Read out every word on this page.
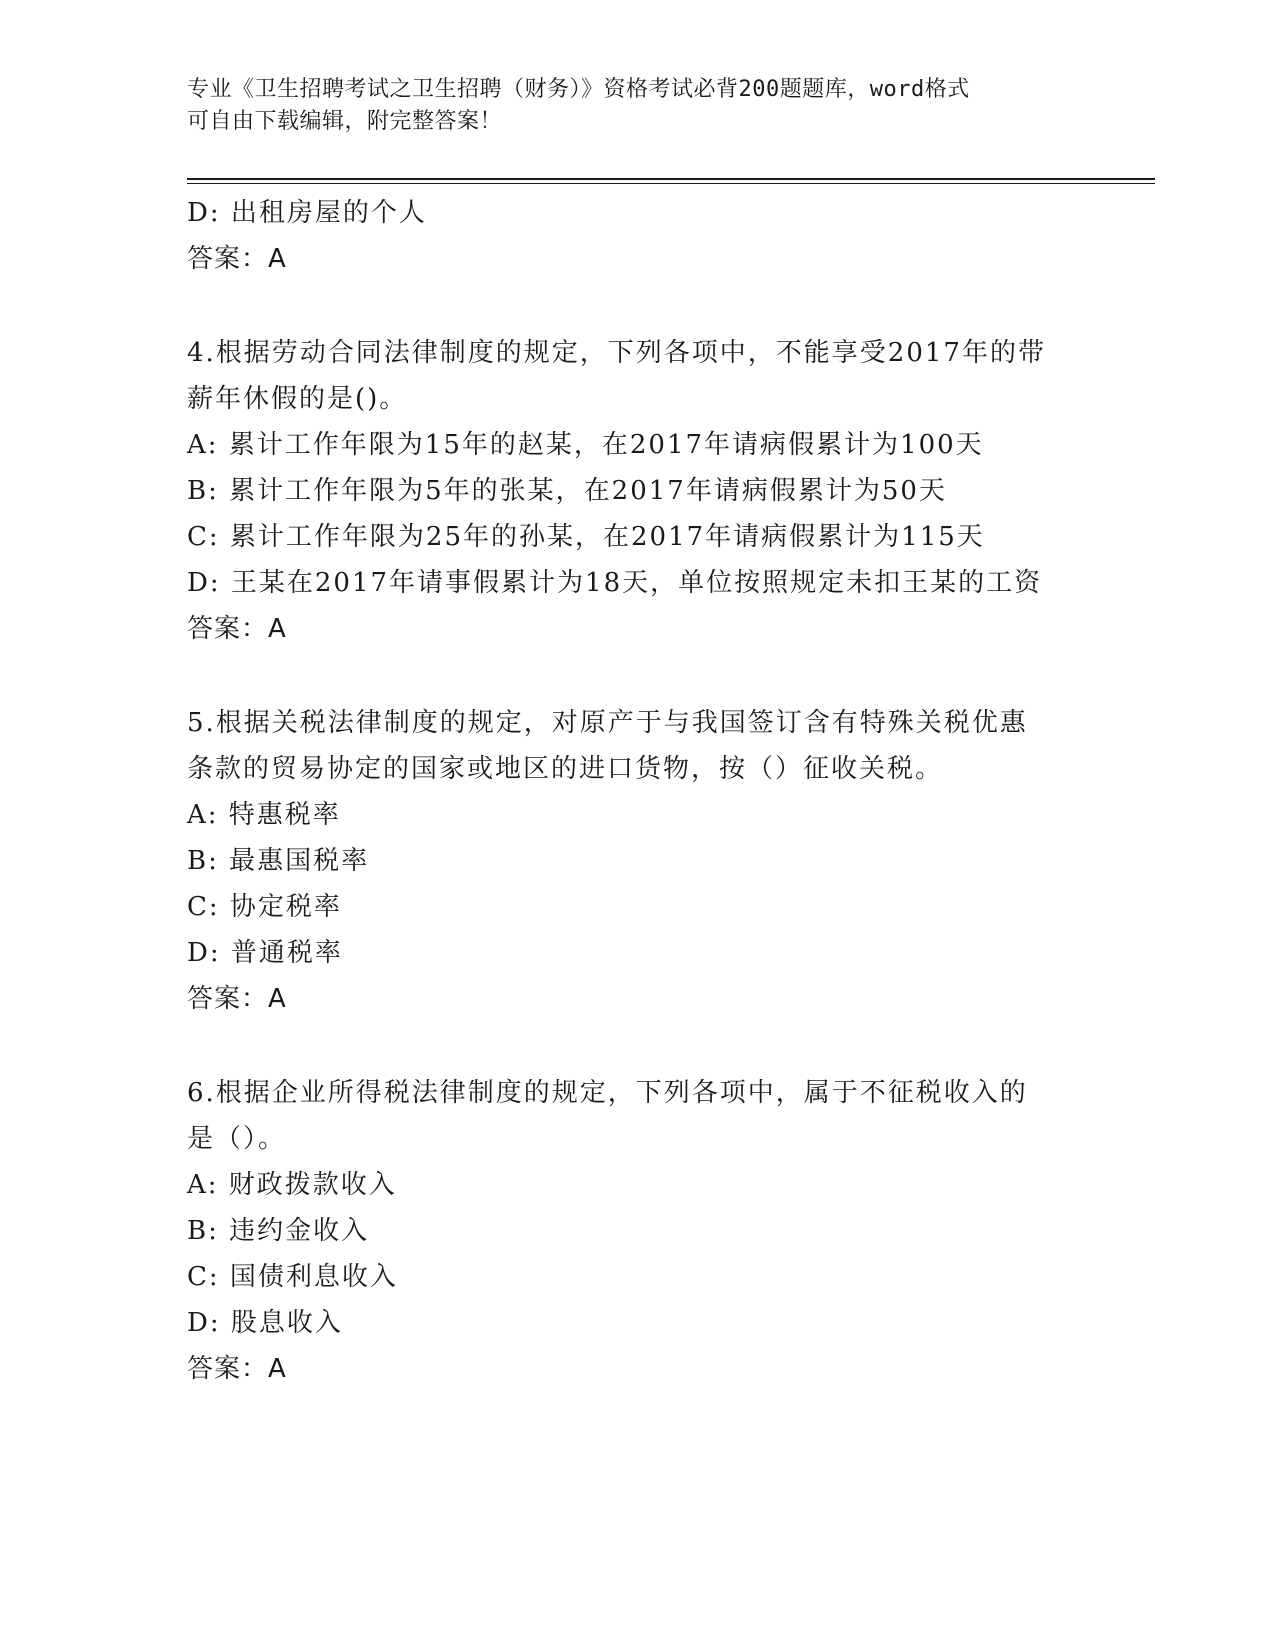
专业《卫生招聘考试之卫生招聘（财务）》资格考试必背200题题库，word格式
可自由下载编辑，附完整答案！
D: 出租房屋的个人
答案：A
4.根据劳动合同法律制度的规定，下列各项中，不能享受2017年的带
薪年休假的是()。
A: 累计工作年限为15年的赵某，在2017年请病假累计为100天
B: 累计工作年限为5年的张某，在2017年请病假累计为50天
C: 累计工作年限为25年的孙某，在2017年请病假累计为115天
D: 王某在2017年请事假累计为18天，单位按照规定未扣王某的工资
答案：A
5.根据关税法律制度的规定，对原产于与我国签订含有特殊关税优惠
条款的贸易协定的国家或地区的进口货物，按（）征收关税。
A: 特惠税率
B: 最惠国税率
C: 协定税率
D: 普通税率
答案：A
6.根据企业所得税法律制度的规定，下列各项中，属于不征税收入的
是（）。
A: 财政拨款收入
B: 违约金收入
C: 国债利息收入
D: 股息收入
答案：A
